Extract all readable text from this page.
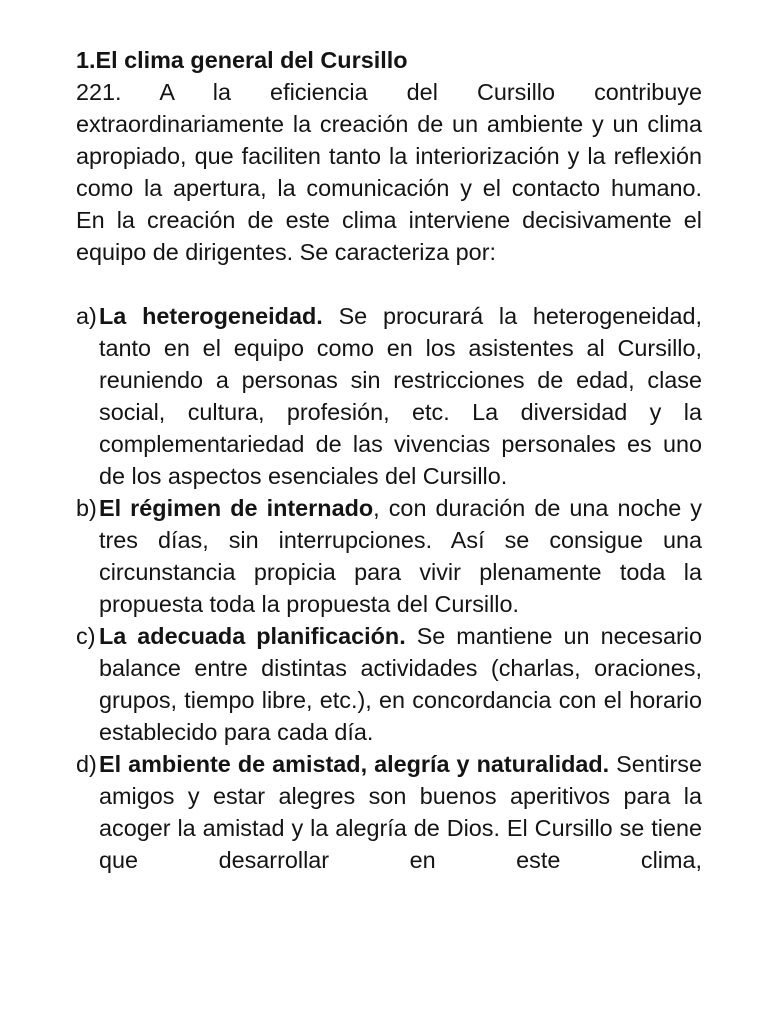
1.El clima general del Cursillo

221. A la eficiencia del Cursillo contribuye extraordinariamente la creación de un ambiente y un clima apropiado, que faciliten tanto la interiorización y la reflexión como la apertura, la comunicación y el contacto humano. En la creación de este clima interviene decisivamente el equipo de dirigentes. Se caracteriza por:

a) La heterogeneidad. Se procurará la heterogeneidad, tanto en el equipo como en los asistentes al Cursillo, reuniendo a personas sin restricciones de edad, clase social, cultura, profesión, etc. La diversidad y la complementariedad de las vivencias personales es uno de los aspectos esenciales del Cursillo.
b) El régimen de internado, con duración de una noche y tres días, sin interrupciones. Así se consigue una circunstancia propicia para vivir plenamente toda la propuesta toda la propuesta del Cursillo.
c) La adecuada planificación. Se mantiene un necesario balance entre distintas actividades (charlas, oraciones, grupos, tiempo libre, etc.), en concordancia con el horario establecido para cada día.
d) El ambiente de amistad, alegría y naturalidad. Sentirse amigos y estar alegres son buenos aperitivos para la acoger la amistad y la alegría de Dios. El Cursillo se tiene que desarrollar en este clima,
